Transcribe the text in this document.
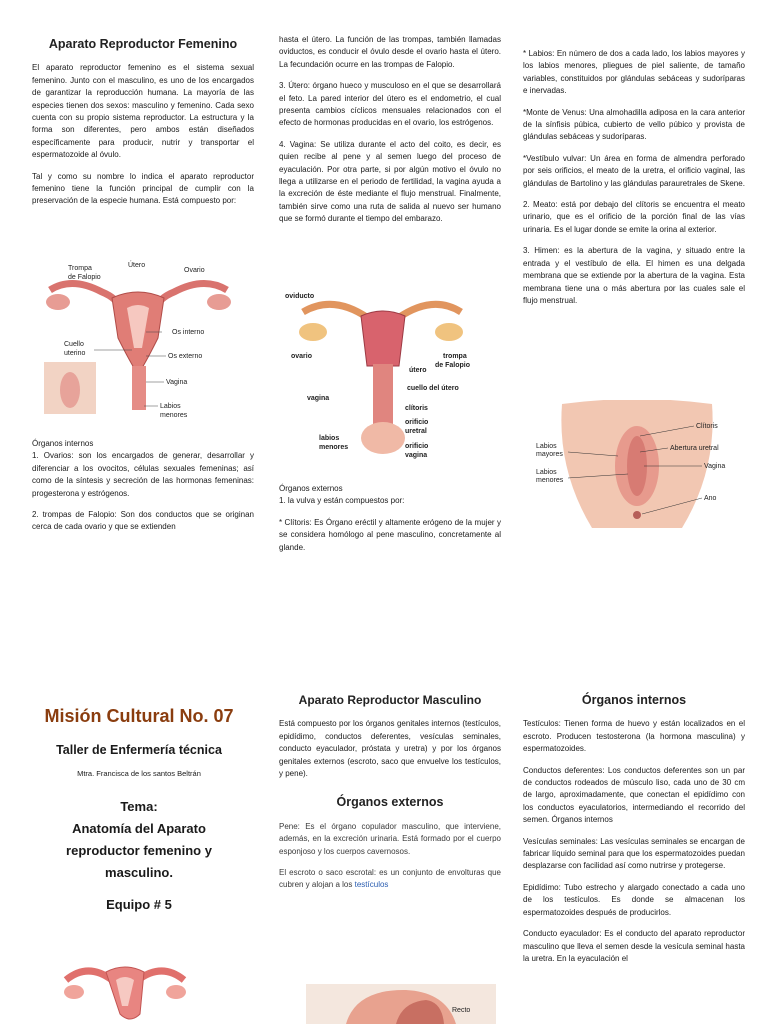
Aparato Reproductor Femenino

El aparato reproductor femenino es el sistema sexual femenino. Junto con el masculino, es uno de los encargados de garantizar la reproducción humana. La mayoría de las especies tienen dos sexos: masculino y femenino. Cada sexo cuenta con su propio sistema reproductor. La estructura y la forma son diferentes, pero ambos están diseñados específicamente para producir, nutrir y transportar el espermatozoide al óvulo.

Tal y como su nombre lo indica el aparato reproductor femenino tiene la función principal de cumplir con la preservación de la especie humana. Está compuesto por:

Trompa
de Falopio
Útero
Ovario
Os interno
Cuello
uterino	Os externo
Vagina
Labios
menores

Órganos internos

1. Ovarios: son los encargados de generar, desarrollar y diferenciar a los ovocitos, células sexuales femeninas; así como de la síntesis y secreción de las hormonas femeninas: progesterona y estrógenos.

2. trompas de Falopio: Son dos conductos que se originan cerca de cada ovario y que se extienden

hasta el útero. La función de las trompas, también llamadas oviductos, es conducir el óvulo desde el ovario hasta el útero. La fecundación ocurre en las trompas de Falopio.

3. Útero: órgano hueco y musculoso en el que se desarrollará el feto. La pared interior del útero es el endometrio, el cual presenta cambios cíclicos mensuales relacionados con el efecto de hormonas producidas en el ovario, los estrógenos.

4. Vagina: Se utiliza durante el acto del coito, es decir, es quien recibe al pene y al semen luego del proceso de eyaculación. Por otra parte, si por algún motivo el óvulo no llega a utilizarse en el periodo de fertilidad, la vagina ayuda a la excreción de éste mediante el flujo menstrual. Finalmente, también sirve como una ruta de salida al nuevo ser humano que se formó durante el tiempo del embarazo.

oviducto
ovario	trompa
de Falopio
útero
cuello del útero
vagina
clítoris
orificio
uretral
labios
menores	orificio
vagina

Órganos externos

1. la vulva y están compuestos por:

* Clítoris: Es Órgano eréctil y altamente erógeno de la mujer y se considera homólogo al pene masculino, concretamente al glande.

* Labios: En número de dos a cada lado, los labios mayores y los labios menores, pliegues de piel saliente, de tamaño variables, constituidos por glándulas sebáceas y sudoríparas e inervadas.

*Monte de Venus: Una almohadilla adiposa en la cara anterior de la sínfisis púbica, cubierto de vello púbico y provista de glándulas sebáceas y sudoríparas.

*Vestíbulo vulvar: Un área en forma de almendra perforado por seis orificios, el meato de la uretra, el orificio vaginal, las glándulas de Bartolino y las glándulas parauretrales de Skene.

2. Meato: está por debajo del clítoris se encuentra el meato urinario, que es el orificio de la porción final de las vías urinaria. Es el lugar donde se emite la orina al exterior.

3. Himen: es la abertura de la vagina, y situado entre la entrada y el vestíbulo de ella. El himen es una delgada membrana que se extiende por la abertura de la vagina. Esta membrana tiene una o más abertura por las cuales sale el flujo menstrual.

Clítoris
Abertura uretral
Labios
mayores
Vagina
Labios
menores
Ano
Misión Cultural No. 07
Taller de Enfermería técnica
Mtra. Francisca de los santos Beltrán
Tema:
Anatomía del Aparato
reproductor femenino y
masculino.
Equipo # 5
Aparato Reproductor Masculino

Está compuesto por los órganos genitales internos (testículos, epidídimo, conductos deferentes, vesículas seminales, conducto eyaculador, próstata y uretra) y por los órganos genitales externos (escroto, saco que envuelve los testículos, y pene).

Órganos externos

Pene: Es el órgano copulador masculino, que interviene, además, en la excreción urinaria. Está formado por el cuerpo esponjoso y los cuerpos cavernosos.

El escroto o saco escrotal: es un conjunto de envolturas que cubren y alojan a los testículos

Recto
Órganos internos

Testículos: Tienen forma de huevo y están localizados en el escroto. Producen testosterona (la hormona masculina) y espermatozoides.

Conductos deferentes: Los conductos deferentes son un par de conductos rodeados de músculo liso, cada uno de 30 cm de largo, aproximadamente, que conectan el epidídimo con los conductos eyaculatorios, intermediando el recorrido del semen. Órganos internos

Vesículas seminales: Las vesículas seminales se encargan de fabricar líquido seminal para que los espermatozoides puedan desplazarse con facilidad así como nutrirse y protegerse.

Epidídimo: Tubo estrecho y alargado conectado a cada uno de los testículos. Es donde se almacenan los espermatozoides después de producirlos.

Conducto eyaculador: Es el conducto del aparato reproductor masculino que lleva el semen desde la vesícula seminal hasta la uretra. En la eyaculación el
